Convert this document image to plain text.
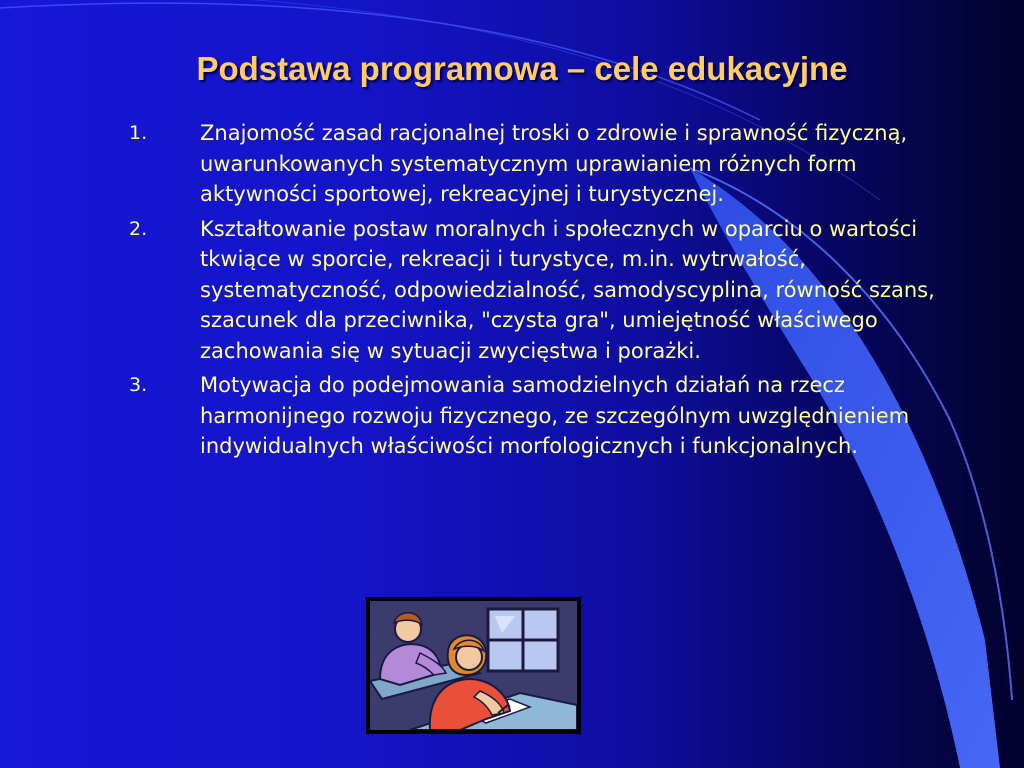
Podstawa programowa – cele edukacyjne
1.	Znajomość zasad racjonalnej troski o zdrowie i sprawność fizyczną, uwarunkowanych systematycznym uprawianiem różnych form aktywności sportowej, rekreacyjnej i turystycznej.
2.	Kształtowanie postaw moralnych i społecznych w oparciu o wartości tkwiące w sporcie, rekreacji i turystyce, m.in. wytrwałość, systematyczność, odpowiedzialność, samodyscyplina, równość szans, szacunek dla przeciwnika, "czysta gra", umiejętność właściwego zachowania się w sytuacji zwycięstwa i porażki.
3.	Motywacja do podejmowania samodzielnych działań na rzecz harmonijnego rozwoju fizycznego, ze szczególnym uwzględnieniem indywidualnych właściwości morfologicznych i funkcjonalnych.
